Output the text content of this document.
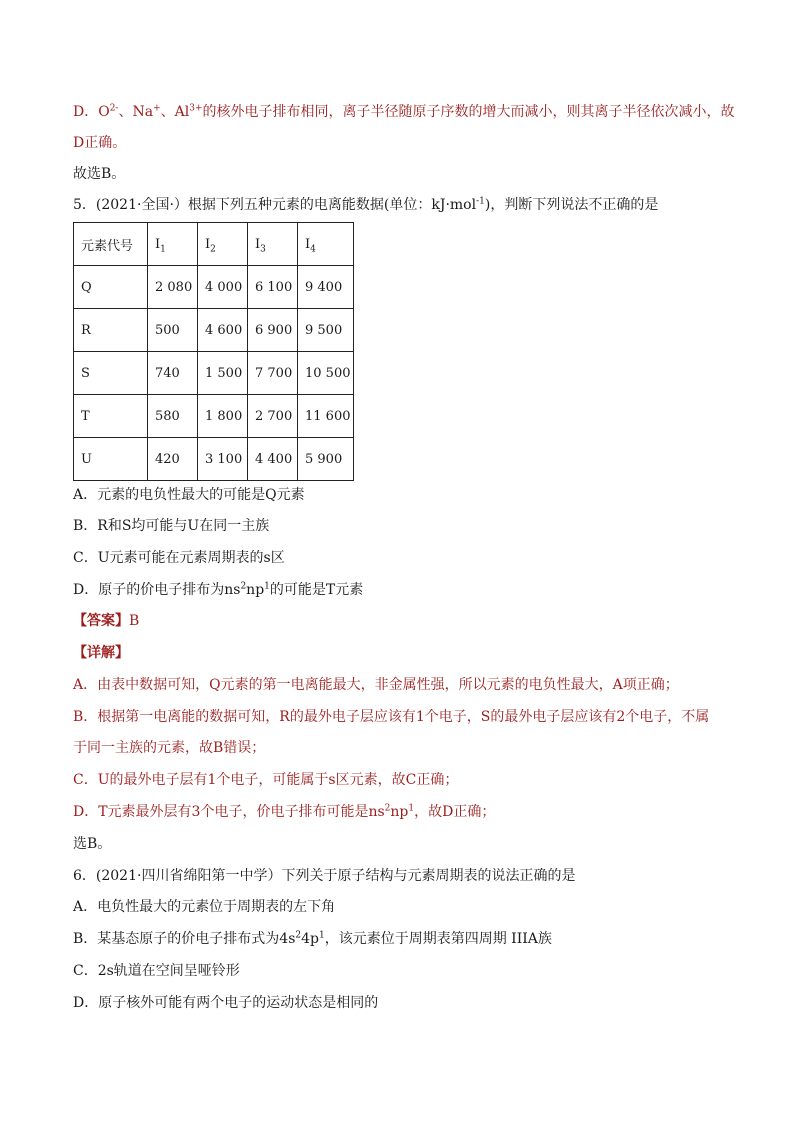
D．$O^{2-}$、Na+、$Al^{3+}$的核外电子排布相同，离子半径随原子序数的增大而减小，则其离子半径依次减小，故
D正确。
故选B。
5．(2021·全国·）根据下列五种元素的电离能数据(单位：kJ·mol$^{-1}$)，判断下列说法不正确的是
元素代号	$I_1$	$I_2$	$I_3$	$I_4$
Q	2 080	4 000	6 100	9 400
R	500	4 600	6 900	9 500
S	740	1 500	7 700	10 500
T	580	1 800	2 700	11 600
U	420	3 100	4 400	5 900
A．元素的电负性最大的可能是Q元素
B．R和S均可能与U在同一主族
C．U元素可能在元素周期表的s区
D．原子的价电子排布为$ns^2np^1$的可能是T元素
【答案】B
【详解】
A．由表中数据可知，Q元素的第一电离能最大，非金属性强，所以元素的电负性最大，A项正确；
B．根据第一电离能的数据可知，R的最外电子层应该有1个电子，S的最外电子层应该有2个电子，不属
于同一主族的元素，故B错误；
C．U的最外电子层有1个电子，可能属于s区元素，故C正确；
D．T元素最外层有3个电子，价电子排布可能是$ns^2np^1$，故D正确；
选B。
6．(2021·四川省绵阳第一中学）下列关于原子结构与元素周期表的说法正确的是
A．电负性最大的元素位于周期表的左下角
B．某基态原子的价电子排布式为$4s^24p^1$，该元素位于周期表第四周期 IIIA族
C．2s轨道在空间呈哑铃形
D．原子核外可能有两个电子的运动状态是相同的
